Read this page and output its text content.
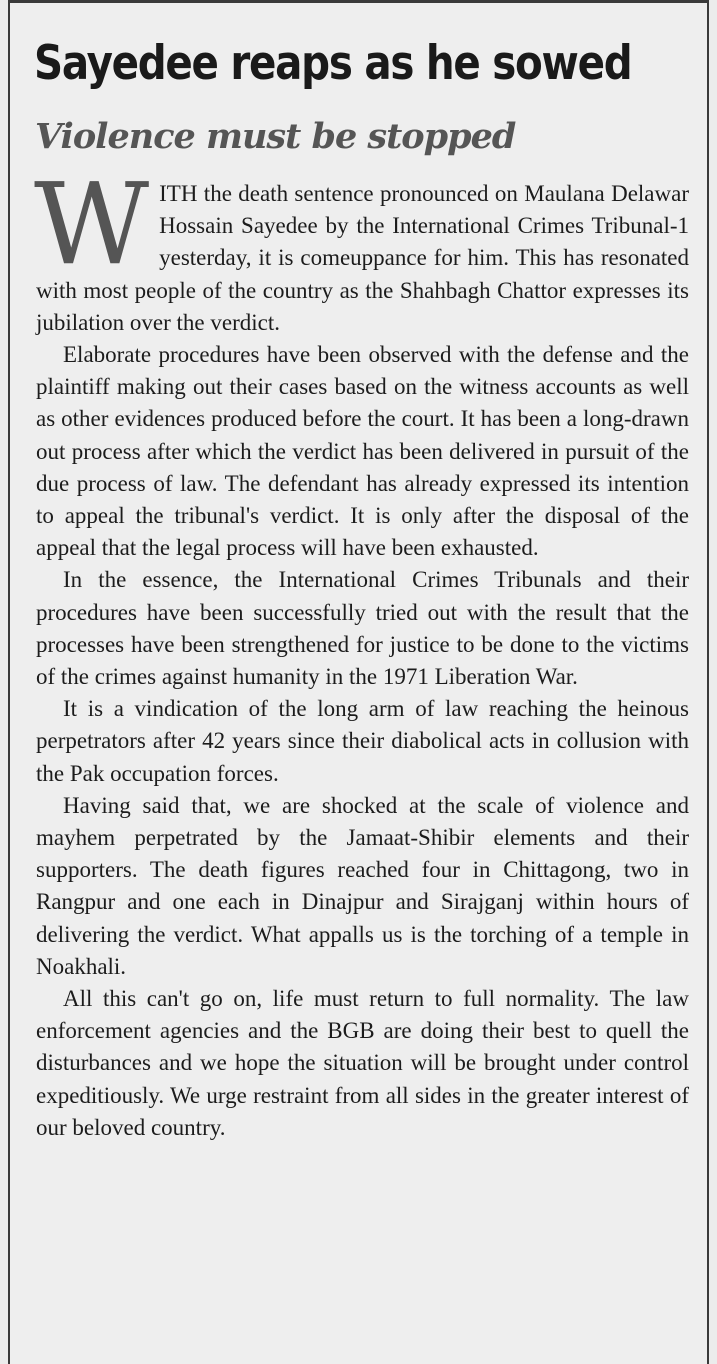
Sayedee reaps as he sowed
Violence must be stopped

WITH the death sentence pronounced on Maulana Delawar Hossain Sayedee by the International Crimes Tribunal-1 yesterday, it is comeuppance for him. This has resonated with most people of the country as the Shahbagh Chattor expresses its jubilation over the verdict.

Elaborate procedures have been observed with the defense and the plaintiff making out their cases based on the witness accounts as well as other evidences produced before the court. It has been a long-drawn out process after which the verdict has been delivered in pursuit of the due process of law. The defendant has already expressed its intention to appeal the tribunal's verdict. It is only after the disposal of the appeal that the legal process will have been exhausted.

In the essence, the International Crimes Tribunals and their procedures have been successfully tried out with the result that the processes have been strengthened for justice to be done to the victims of the crimes against humanity in the 1971 Liberation War.

It is a vindication of the long arm of law reaching the heinous perpetrators after 42 years since their diabolical acts in collusion with the Pak occupation forces.

Having said that, we are shocked at the scale of violence and mayhem perpetrated by the Jamaat-Shibir elements and their supporters. The death figures reached four in Chittagong, two in Rangpur and one each in Dinajpur and Sirajganj within hours of delivering the verdict. What appalls us is the torching of a temple in Noakhali.

All this can't go on, life must return to full normality. The law enforcement agencies and the BGB are doing their best to quell the disturbances and we hope the situation will be brought under control expeditiously. We urge restraint from all sides in the greater interest of our beloved country.
